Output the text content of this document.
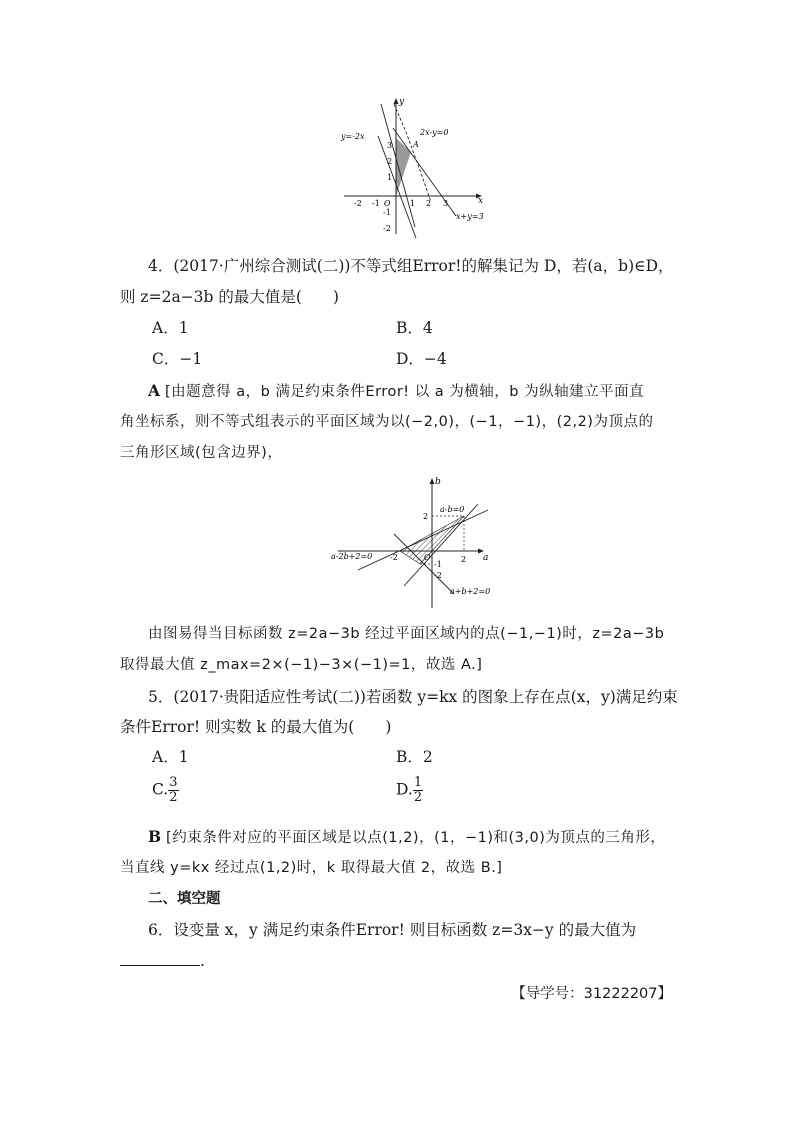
x
y
y=-2x	2x-y=0
x+y=3
A
O
-2 -1	1 2 3
3
2
1
-1
-2
4．(2017·广州综合测试(二))不等式组Error!的解集记为 D，若(a，b)∈D，
则 z=2a−3b 的最大值是(　　)
A．1	B．4
C．−1	D．−4
A [由题意得 a，b 满足约束条件Error! 以 a 为横轴，b 为纵轴建立平面直
角坐标系，则不等式组表示的平面区域为以(−2,0)，(−1，−1)，(2,2)为顶点的
三角形区域(包含边界)，
a
b
a-b=0
a-2b+2=0
a+b+2=0
O
-2	2
2
-1
-2
由图易得当目标函数 z=2a−3b 经过平面区域内的点(−1,−1)时，z=2a−3b
取得最大值 z_max=2×(−1)−3×(−1)=1，故选 A.]
5．(2017·贵阳适应性考试(二))若函数 y=kx 的图象上存在点(x，y)满足约束
条件Error! 则实数 k 的最大值为(　　)
A．1	B．2
C. $\frac{3}{2}$	D. $\frac{1}{2}$
B [约束条件对应的平面区域是以点(1,2)，(1，−1)和(3,0)为顶点的三角形，
当直线 y=kx 经过点(1,2)时，k 取得最大值 2，故选 B.]
二、填空题
6．设变量 x，y 满足约束条件Error! 则目标函数 z=3x−y 的最大值为
.
【导学号：31222207】
